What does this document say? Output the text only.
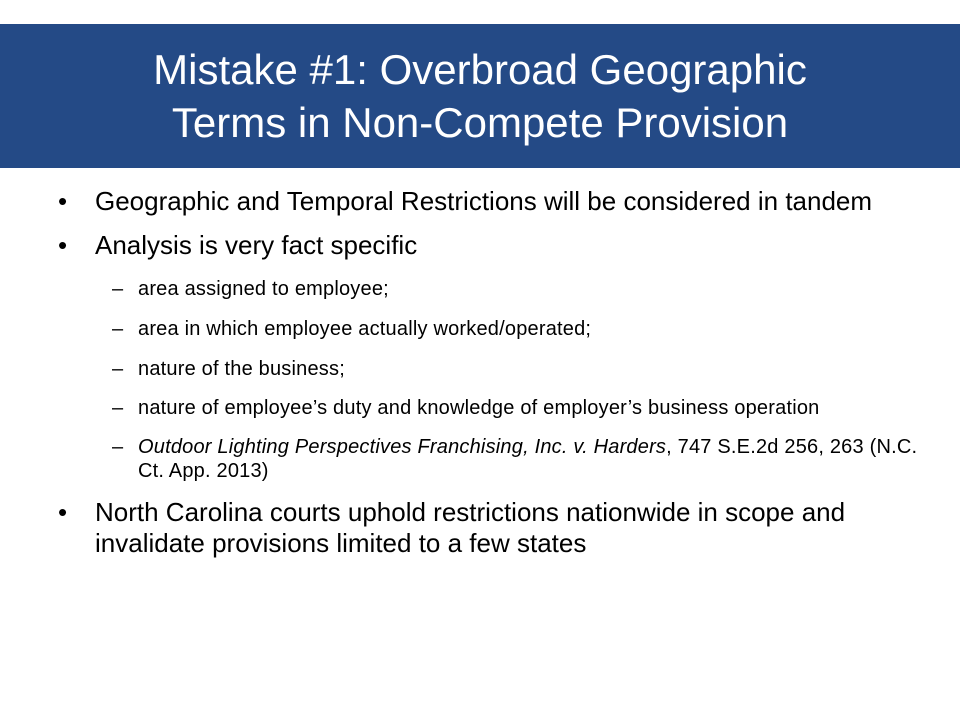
Mistake #1: Overbroad Geographic
Terms in Non-Compete Provision
• Geographic and Temporal Restrictions will be considered in tandem
• Analysis is very fact specific
– area assigned to employee;
– area in which employee actually worked/operated;
– nature of the business;
– nature of employee’s duty and knowledge of employer’s business operation
– Outdoor Lighting Perspectives Franchising, Inc. v. Harders, 747 S.E.2d 256, 263 (N.C. Ct. App. 2013)
• North Carolina courts uphold restrictions nationwide in scope and invalidate provisions limited to a few states
